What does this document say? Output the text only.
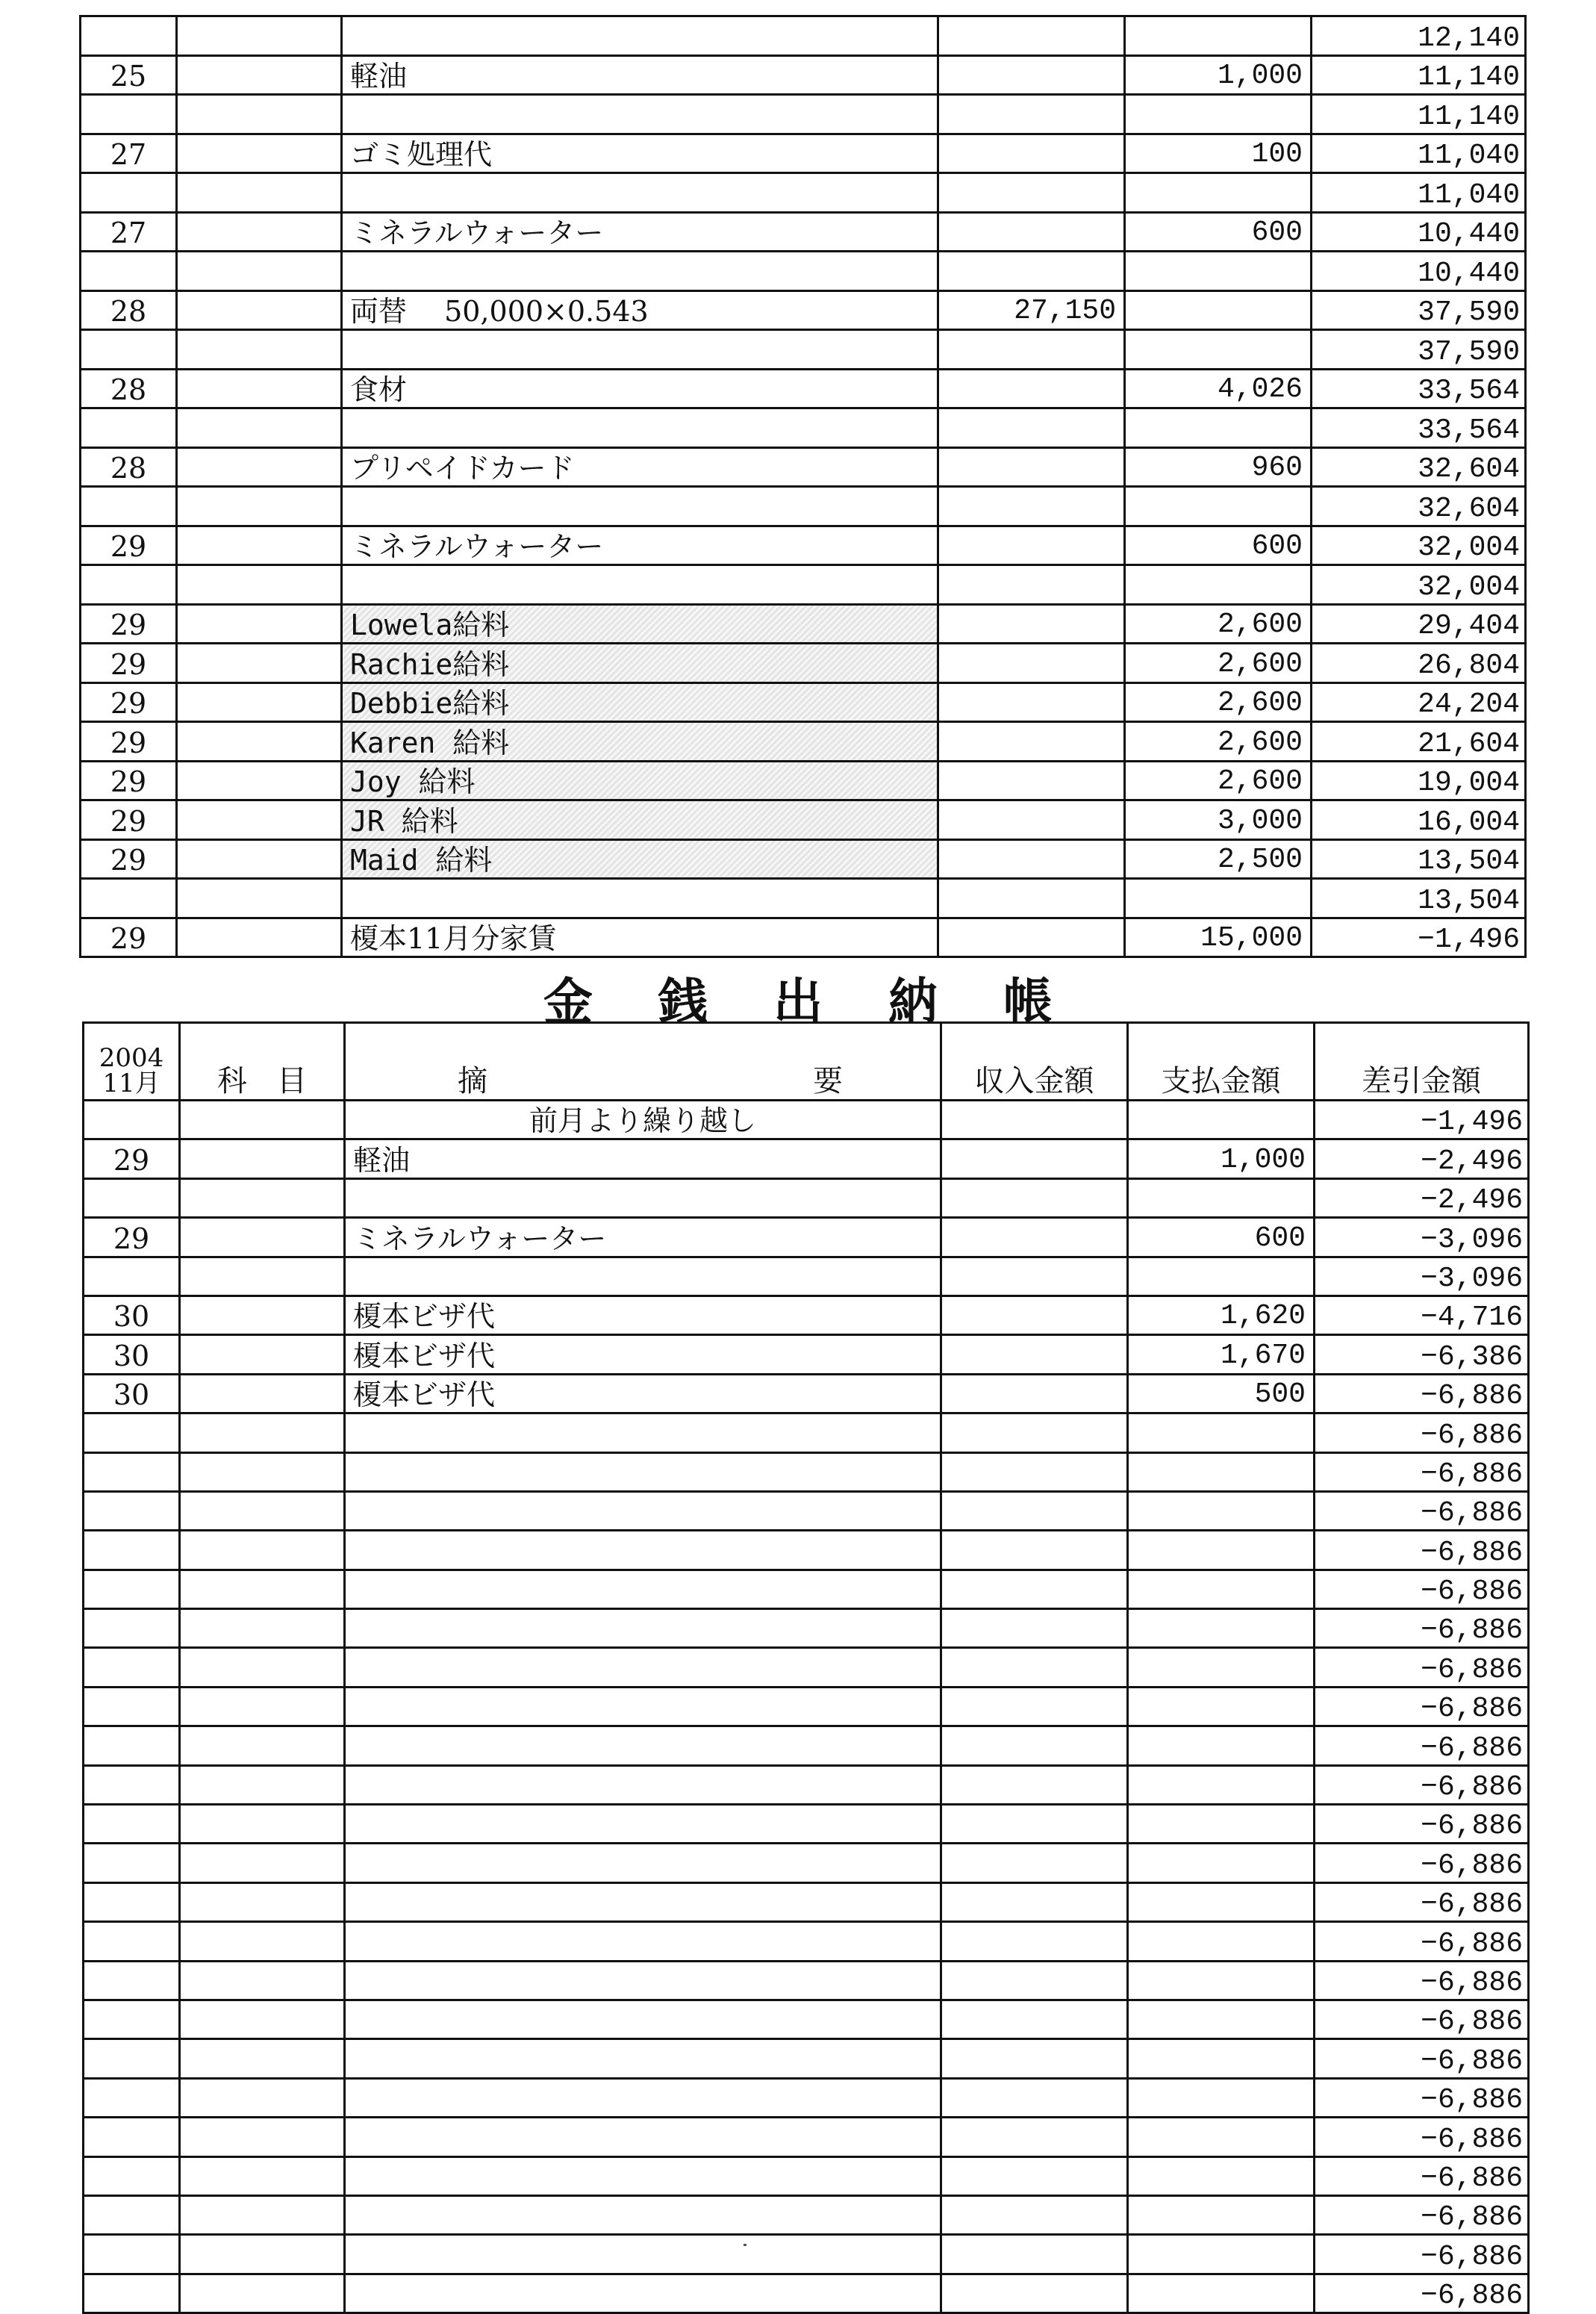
					12,140
25		軽油		1,000	11,140
					11,140
27		ゴミ処理代		100	11,040
					11,040
27		ミネラルウォーター		600	10,440
					10,440
28		両替　 50,000×0.543	27,150		37,590
					37,590
28		食材		4,026	33,564
					33,564
28		プリペイドカード		960	32,604
					32,604
29		ミネラルウォーター		600	32,004
					32,004
29		Lowela給料		2,600	29,404
29		Rachie給料		2,600	26,804
29		Debbie給料		2,600	24,204
29		Karen 給料		2,600	21,604
29		Joy 給料		2,600	19,004
29		JR 給料		3,000	16,004
29		Maid 給料		2,500	13,504
					13,504
29		榎本11月分家賃		15,000	−1,496
金 銭 出 納 帳
2004
11月	科　目	摘 要	収入金額	支払金額	差引金額
		前月より繰り越し			−1,496
29		軽油		1,000	−2,496
					−2,496
29		ミネラルウォーター		600	−3,096
					−3,096
30		榎本ビザ代		1,620	−4,716
30		榎本ビザ代		1,670	−6,386
30		榎本ビザ代		500	−6,886
					−6,886
					−6,886
					−6,886
					−6,886
					−6,886
					−6,886
					−6,886
					−6,886
					−6,886
					−6,886
					−6,886
					−6,886
					−6,886
					−6,886
					−6,886
					−6,886
					−6,886
					−6,886
					−6,886
					−6,886
					−6,886
					−6,886
					−6,886
